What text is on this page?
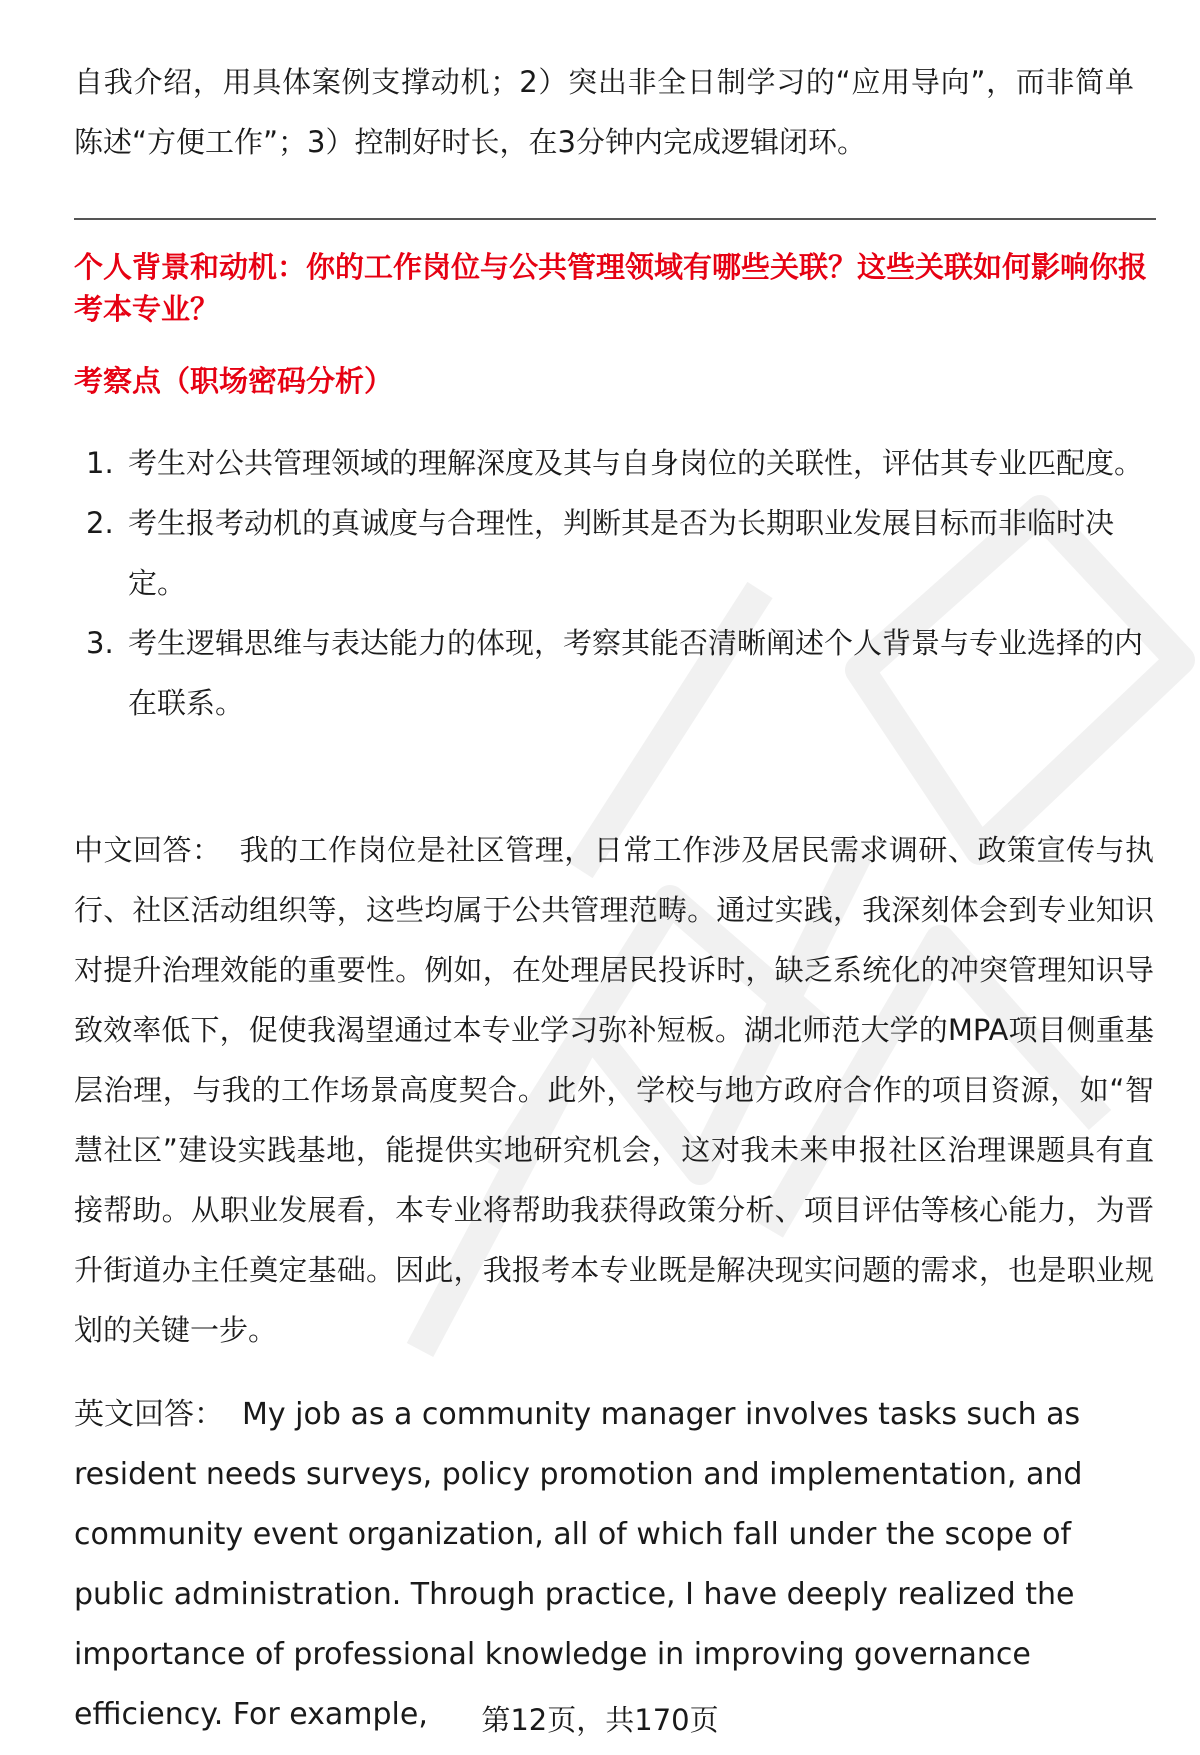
自我介绍，用具体案例支撑动机；2）突出非全日制学习的“应用导向”，而非简单陈述“方便工作”；3）控制好时长，在3分钟内完成逻辑闭环。

个人背景和动机：你的工作岗位与公共管理领域有哪些关联？这些关联如何影响你报考本专业？

考察点（职场密码分析）

1. 考生对公共管理领域的理解深度及其与自身岗位的关联性，评估其专业匹配度。
2. 考生报考动机的真诚度与合理性，判断其是否为长期职业发展目标而非临时决定。
3. 考生逻辑思维与表达能力的体现，考察其能否清晰阐述个人背景与专业选择的内在联系。

中文回答： 我的工作岗位是社区管理，日常工作涉及居民需求调研、政策宣传与执行、社区活动组织等，这些均属于公共管理范畴。通过实践，我深刻体会到专业知识对提升治理效能的重要性。例如，在处理居民投诉时，缺乏系统化的冲突管理知识导致效率低下，促使我渴望通过本专业学习弥补短板。湖北师范大学的MPA项目侧重基层治理，与我的工作场景高度契合。此外，学校与地方政府合作的项目资源，如“智慧社区”建设实践基地，能提供实地研究机会，这对我未来申报社区治理课题具有直接帮助。从职业发展看，本专业将帮助我获得政策分析、项目评估等核心能力，为晋升街道办主任奠定基础。因此，我报考本专业既是解决现实问题的需求，也是职业规划的关键一步。

英文回答： My job as a community manager involves tasks such as resident needs surveys, policy promotion and implementation, and community event organization, all of which fall under the scope of public administration. Through practice, I have deeply realized the importance of professional knowledge in improving governance efficiency. For example,	第12页，共170页
